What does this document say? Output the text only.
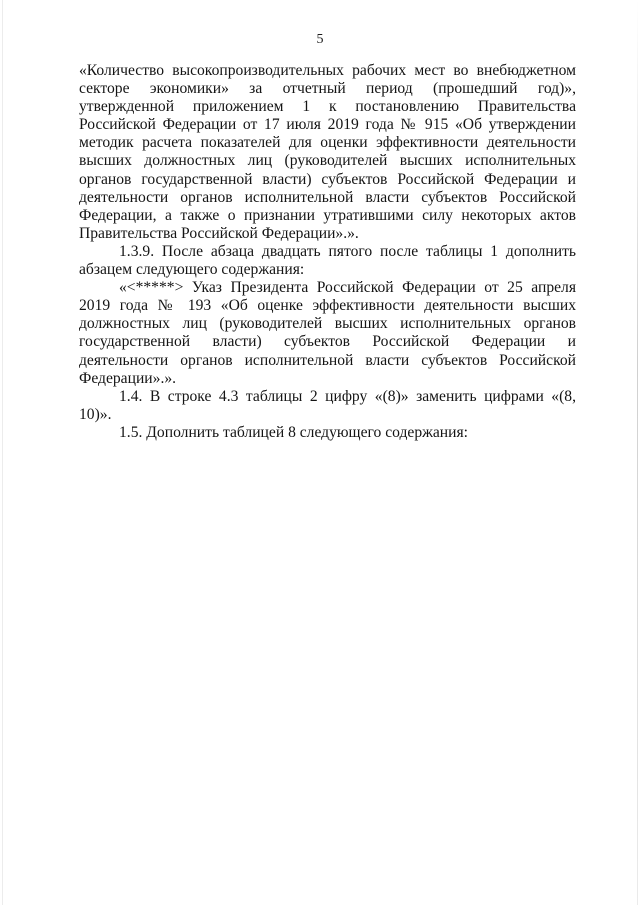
5

«Количество высокопроизводительных рабочих мест во внебюджетном секторе экономики» за отчетный период (прошедший год)», утвержденной приложением 1 к постановлению Правительства Российской Федерации от 17 июля 2019 года № 915 «Об утверждении методик расчета показателей для оценки эффективности деятельности высших должностных лиц (руководителей высших исполнительных органов государственной власти) субъектов Российской Федерации и деятельности органов исполнительной власти субъектов Российской Федерации, а также о признании утратившими силу некоторых актов Правительства Российской Федерации».».

1.3.9. После абзаца двадцать пятого после таблицы 1 дополнить абзацем следующего содержания:

«<*****> Указ Президента Российской Федерации от 25 апреля 2019 года № 193 «Об оценке эффективности деятельности высших должностных лиц (руководителей высших исполнительных органов государственной власти) субъектов Российской Федерации и деятельности органов исполнительной власти субъектов Российской Федерации».».

1.4. В строке 4.3 таблицы 2 цифру «(8)» заменить цифрами «(8, 10)».

1.5. Дополнить таблицей 8 следующего содержания:
